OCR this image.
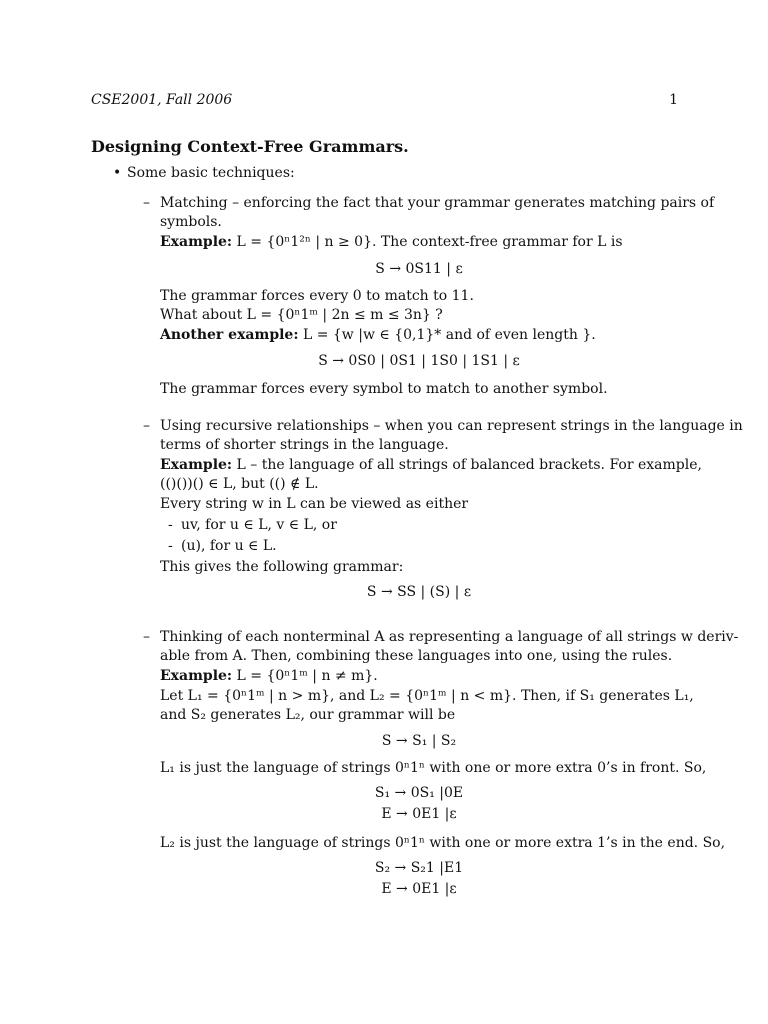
CSE2001, Fall 2006	1
Designing Context-Free Grammars.
• Some basic techniques:
– Matching – enforcing the fact that your grammar generates matching pairs of
symbols.
Example: L = {0ⁿ1²ⁿ | n ≥ 0}. The context-free grammar for L is
S → 0S11 | ε
The grammar forces every 0 to match to 11.
What about L = {0ⁿ1ᵐ | 2n ≤ m ≤ 3n} ?
Another example: L = {w |w ∈ {0,1}* and of even length }.
S → 0S0 | 0S1 | 1S0 | 1S1 | ε
The grammar forces every symbol to match to another symbol.
– Using recursive relationships – when you can represent strings in the language in
terms of shorter strings in the language.
Example: L – the language of all strings of balanced brackets. For example,
(()())() ∈ L, but (() ∉ L.
Every string w in L can be viewed as either
- uv, for u ∈ L, v ∈ L, or
- (u), for u ∈ L.
This gives the following grammar:
S → SS | (S) | ε
– Thinking of each nonterminal A as representing a language of all strings w deriv-
able from A. Then, combining these languages into one, using the rules.
Example: L = {0ⁿ1ᵐ | n ≠ m}.
Let L₁ = {0ⁿ1ᵐ | n > m}, and L₂ = {0ⁿ1ᵐ | n < m}. Then, if S₁ generates L₁,
and S₂ generates L₂, our grammar will be
S → S₁ | S₂
L₁ is just the language of strings 0ⁿ1ⁿ with one or more extra 0’s in front. So,
S₁ → 0S₁ |0E
E → 0E1 |ε
L₂ is just the language of strings 0ⁿ1ⁿ with one or more extra 1’s in the end. So,
S₂ → S₂1 |E1
E → 0E1 |ε
